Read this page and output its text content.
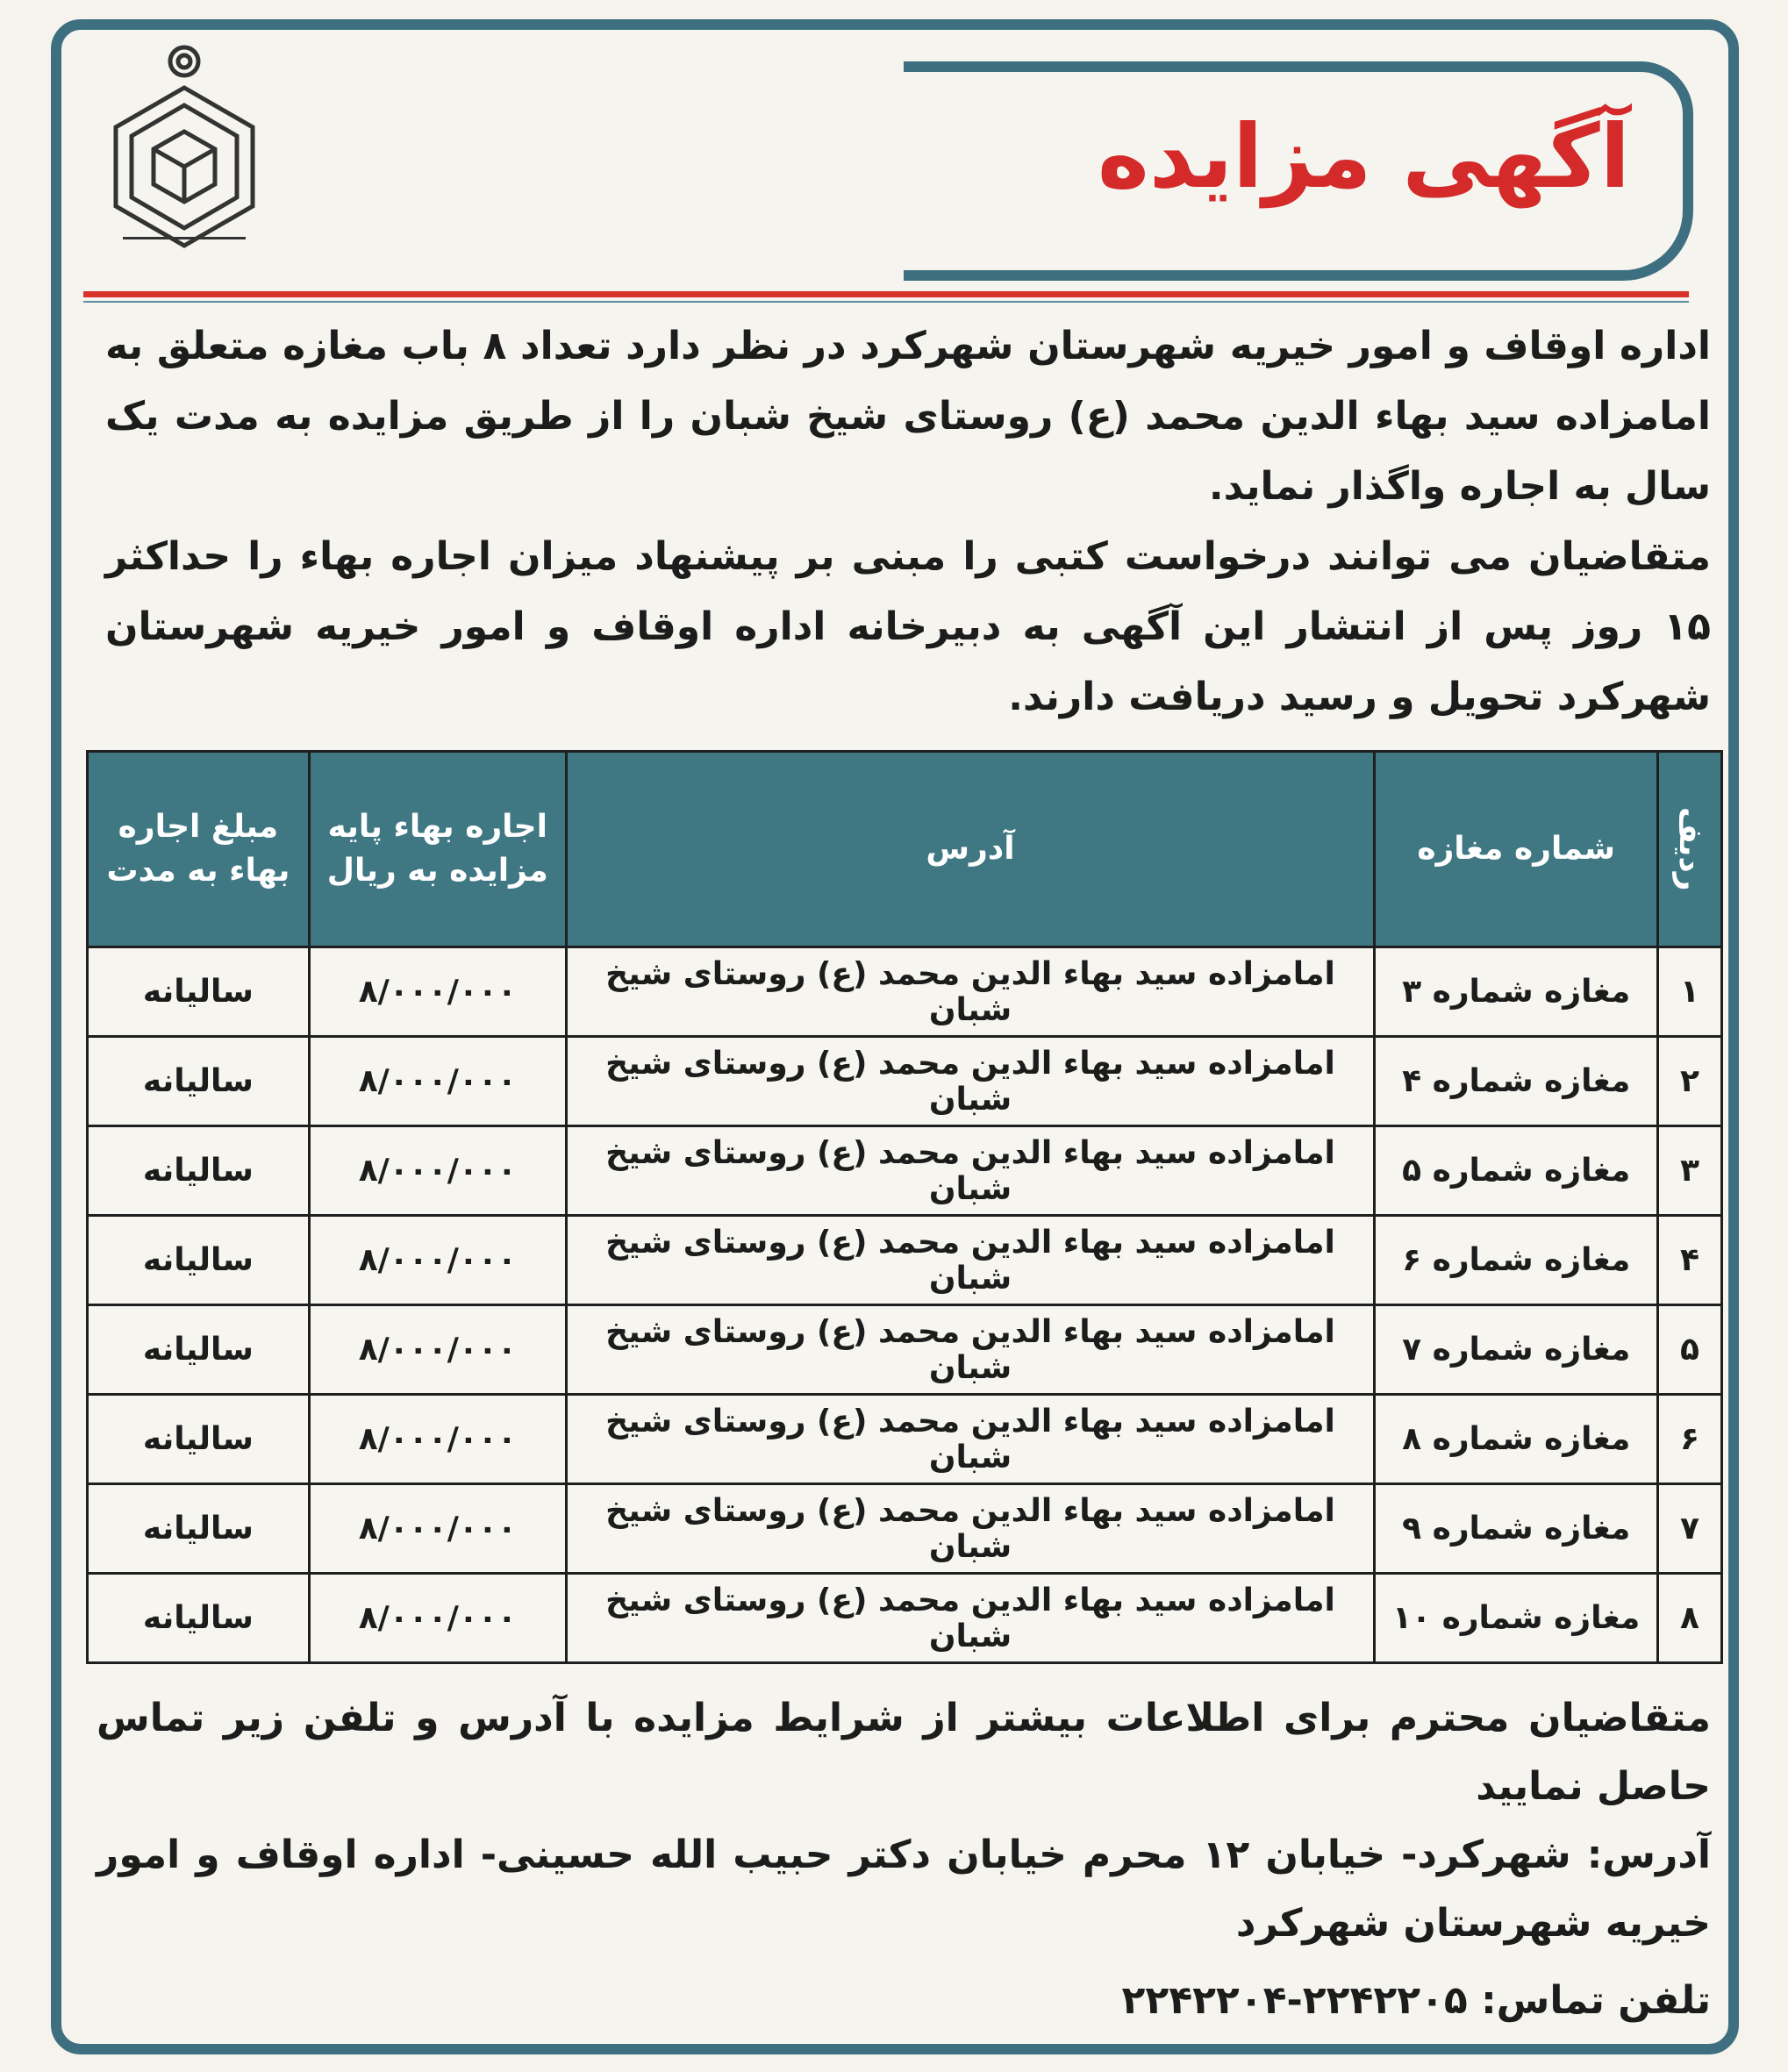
آگهی مزایده
اداره اوقاف و امور خیریه شهرستان شهرکرد در نظر دارد تعداد ۸ باب مغازه متعلق به امامزاده سید بهاء الدین محمد (ع) روستای شیخ شبان را از طریق مزایده به مدت یک سال به اجاره واگذار نماید.
متقاضیان می توانند درخواست کتبی را مبنی بر پیشنهاد میزان اجاره بهاء را حداکثر ۱۵ روز پس از انتشار این آگهی به دبیرخانه اداره اوقاف و امور خیریه شهرستان شهرکرد تحویل و رسید دریافت دارند.
ردیف	شماره مغازه	آدرس	اجاره بهاء پایه مزایده به ریال	مبلغ اجاره بهاء به مدت
۱	مغازه شماره ۳	امامزاده سید بهاء الدین محمد (ع) روستای شیخ شبان	۸/۰۰۰/۰۰۰	سالیانه
۲	مغازه شماره ۴	امامزاده سید بهاء الدین محمد (ع) روستای شیخ شبان	۸/۰۰۰/۰۰۰	سالیانه
۳	مغازه شماره ۵	امامزاده سید بهاء الدین محمد (ع) روستای شیخ شبان	۸/۰۰۰/۰۰۰	سالیانه
۴	مغازه شماره ۶	امامزاده سید بهاء الدین محمد (ع) روستای شیخ شبان	۸/۰۰۰/۰۰۰	سالیانه
۵	مغازه شماره ۷	امامزاده سید بهاء الدین محمد (ع) روستای شیخ شبان	۸/۰۰۰/۰۰۰	سالیانه
۶	مغازه شماره ۸	امامزاده سید بهاء الدین محمد (ع) روستای شیخ شبان	۸/۰۰۰/۰۰۰	سالیانه
۷	مغازه شماره ۹	امامزاده سید بهاء الدین محمد (ع) روستای شیخ شبان	۸/۰۰۰/۰۰۰	سالیانه
۸	مغازه شماره ۱۰	امامزاده سید بهاء الدین محمد (ع) روستای شیخ شبان	۸/۰۰۰/۰۰۰	سالیانه
متقاضیان محترم برای اطلاعات بیشتر از شرایط مزایده با آدرس و تلفن زیر تماس حاصل نمایید
آدرس: شهرکرد- خیابان ۱۲ محرم خیابان دکتر حبیب الله حسینی- اداره اوقاف و امور خیریه شهرستان شهرکرد
تلفن تماس: ۲۲۴۲۲۰۵-۲۲۴۲۲۰۴
